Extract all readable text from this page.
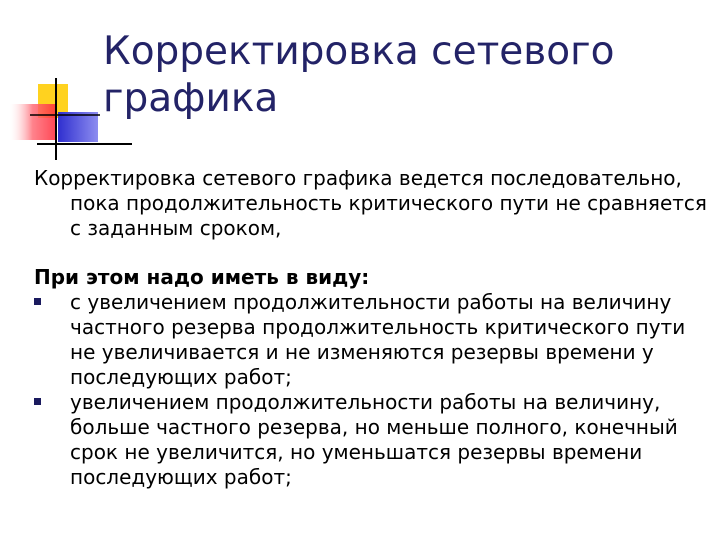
Корректировка сетевого
графика

Корректировка сетевого графика ведется последовательно, пока продолжительность критического пути не сравняется с заданным сроком,

При этом надо иметь в виду:

с увеличением продолжительности работы на величину частного резерва продолжительность критического пути не увеличивается и не изменяются резервы времени у последующих работ;
увеличением продолжительности работы на величину, больше частного резерва, но меньше полного, конечный срок не увеличится, но уменьшатся резервы времени последующих работ;
